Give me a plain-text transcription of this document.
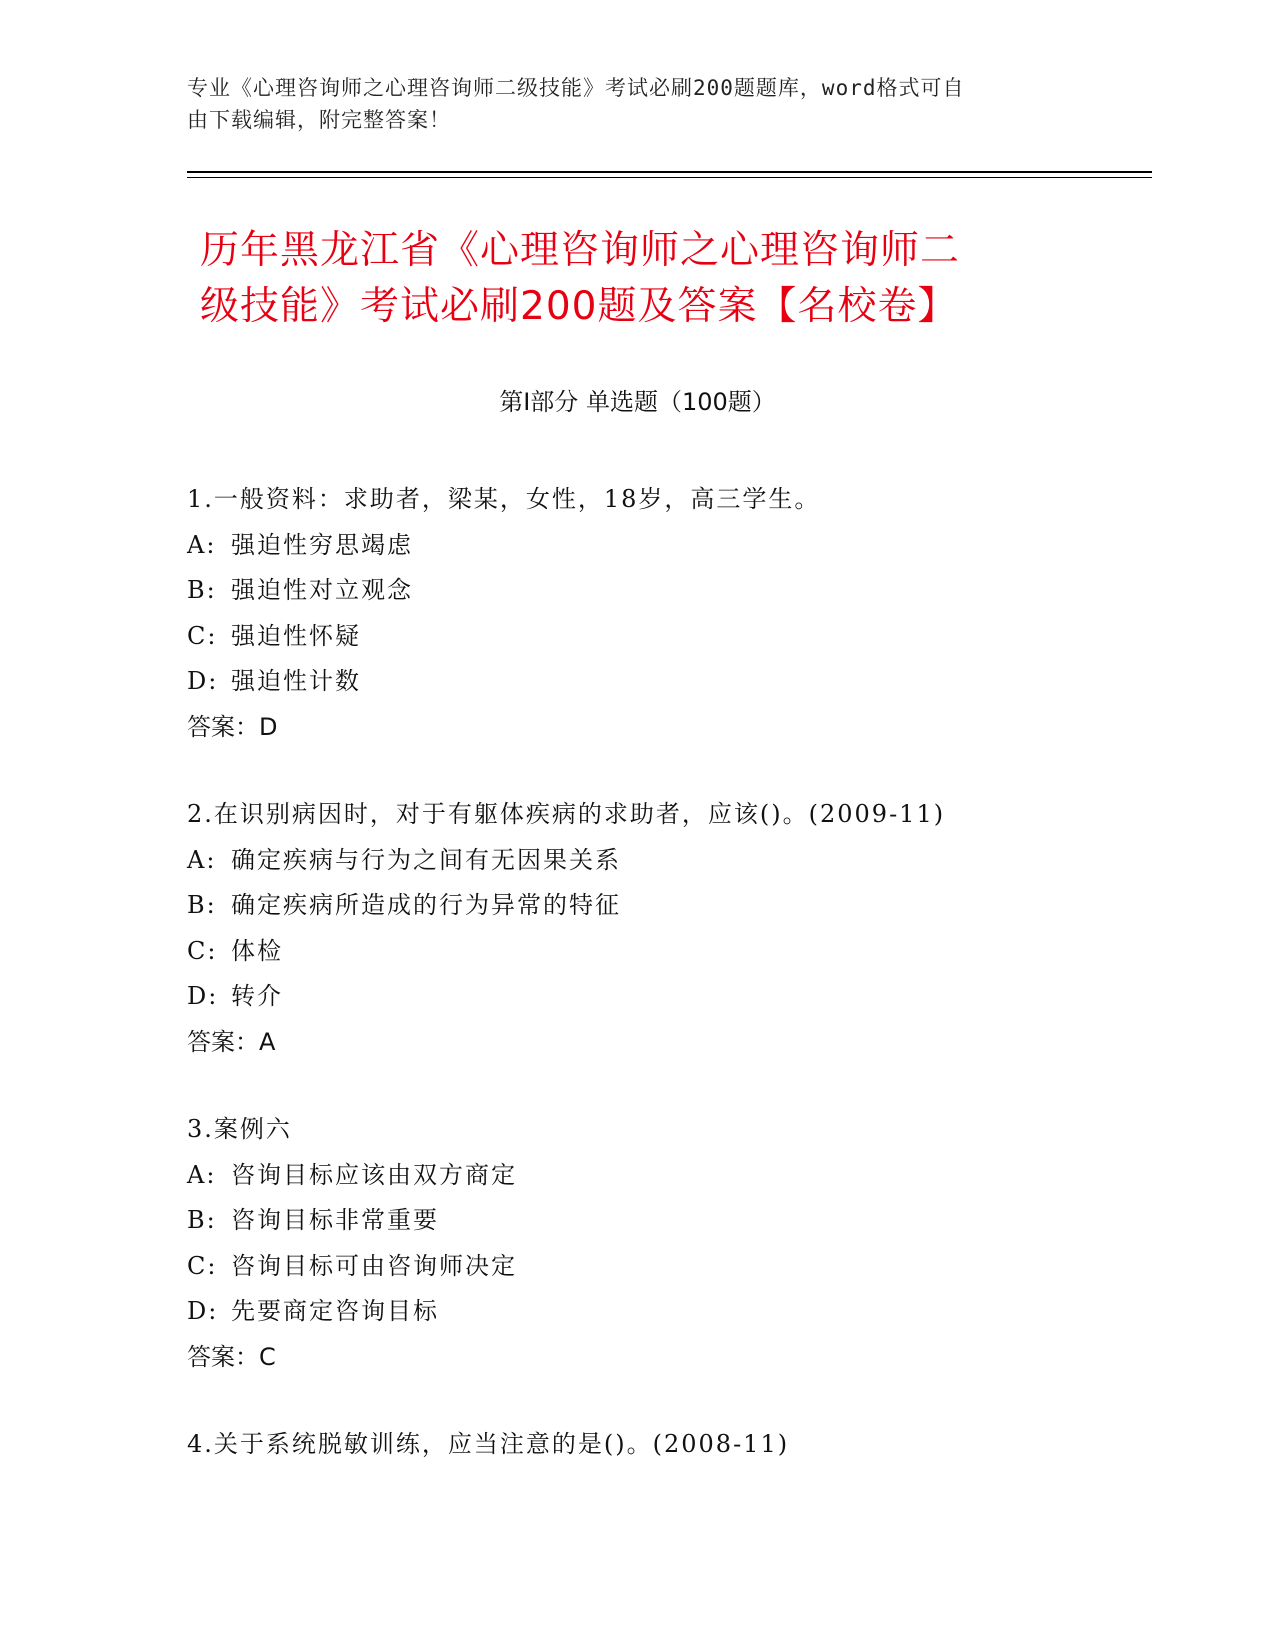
专业《心理咨询师之心理咨询师二级技能》考试必刷200题题库，word格式可自
由下载编辑，附完整答案！
历年黑龙江省《心理咨询师之心理咨询师二
级技能》考试必刷200题及答案【名校卷】
第Ⅰ部分 单选题（100题）
1.一般资料：求助者，梁某，女性，18岁，高三学生。
A: 强迫性穷思竭虑
B: 强迫性对立观念
C: 强迫性怀疑
D: 强迫性计数
答案：D
2.在识别病因时，对于有躯体疾病的求助者，应该()。(2009-11)
A: 确定疾病与行为之间有无因果关系
B: 确定疾病所造成的行为异常的特征
C: 体检
D: 转介
答案：A
3.案例六
A: 咨询目标应该由双方商定
B: 咨询目标非常重要
C: 咨询目标可由咨询师决定
D: 先要商定咨询目标
答案：C
4.关于系统脱敏训练，应当注意的是()。(2008-11)
